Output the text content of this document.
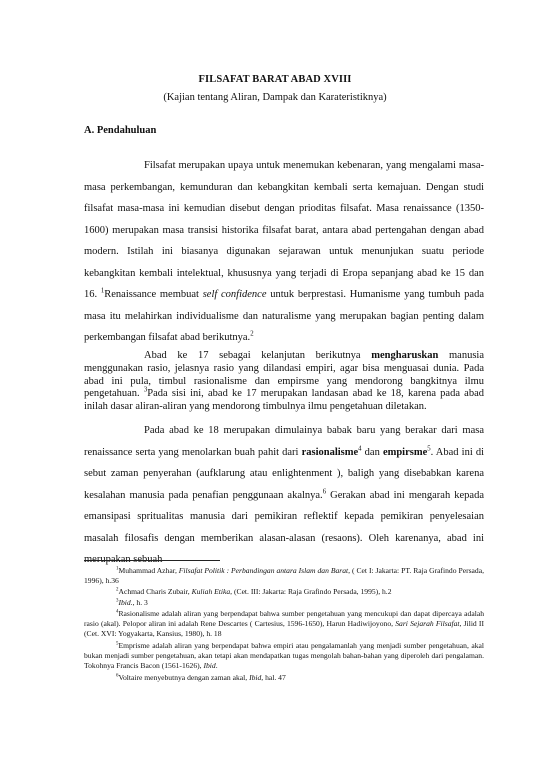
FILSAFAT BARAT ABAD XVIII
(Kajian tentang Aliran, Dampak dan Karateristiknya)
A. Pendahuluan

Filsafat merupakan upaya untuk menemukan kebenaran, yang mengalami masa-masa perkembangan, kemunduran dan kebangkitan kembali serta kemajuan. Dengan studi filsafat masa-masa ini kemudian disebut dengan prioditas filsafat. Masa renaissance (1350-1600) merupakan masa transisi historika filsafat barat, antara abad pertengahan dengan abad modern. Istilah ini biasanya digunakan sejarawan untuk menunjukan suatu periode kebangkitan kembali intelektual, khususnya yang terjadi di Eropa sepanjang abad ke 15 dan 16. $^1$Renaissance membuat self confidence untuk berprestasi. Humanisme yang tumbuh pada masa itu melahirkan individualisme dan naturalisme yang merupakan bagian penting dalam perkembangan filsafat abad berikutnya.$^2$

Abad ke 17 sebagai kelanjutan berikutnya mengharuskan manusia menggunakan rasio, jelasnya rasio yang dilandasi empiri, agar bisa menguasai dunia. Pada abad ini pula, timbul rasionalisme dan empirsme yang mendorong bangkitnya ilmu pengetahuan. $^3$Pada sisi ini, abad ke 17 merupakan landasan abad ke 18, karena pada abad inilah dasar aliran-aliran yang mendorong timbulnya ilmu pengetahuan diletakan.

Pada abad ke 18 merupakan dimulainya babak baru yang berakar dari masa renaissance serta yang menolarkan buah pahit dari rasionalisme$^4$ dan empirsme$^5$. Abad ini di sebut zaman penyerahan (aufklarung atau enlightenment ), baligh yang disebabkan karena kesalahan manusia pada penafian penggunaan akalnya.$^6$ Gerakan abad ini mengarah kepada emansipasi spritualitas manusia dari pemikiran reflektif kepada pemikiran penyelesaian masalah filosafis dengan memberikan alasan-alasan (resaons). Oleh karenanya, abad ini merupakan sebuah

$^1$Muhammad Azhar, Filsafat Politik : Perbandingan antara Islam dan Barat, ( Cet I: Jakarta: PT. Raja Grafindo Persada, 1996), h.36

$^2$Achmad Charis Zubair, Kuliah Etika, (Cet. III: Jakarta: Raja Grafindo Persada, 1995), h.2

$^3$Ibid., h. 3

$^4$Rasionalisme adalah aliran yang berpendapat bahwa sumber pengetahuan yang mencukupi dan dapat dipercaya adalah rasio (akal). Pelopor aliran ini adalah Rene Descartes ( Cartesius, 1596-1650), Harun Hadiwijoyono, Sari Sejarah Filsafat, Jilid II (Cet. XVI: Yogyakarta, Kansius, 1980), h. 18

$^5$Emprisme adalah aliran yang berpendapat bahwa empiri atau pengalamanlah yang menjadi sumber pengetahuan, akal bukan menjadi sumber pengetahuan, akan tetapi akan mendapatkan tugas mengolah bahan-bahan yang diperoleh dari pengalaman. Tokohnya Francis Bacon (1561-1626), Ibid.

$^6$Voltaire menyebutnya dengan zaman akal, Ibid, hal. 47
